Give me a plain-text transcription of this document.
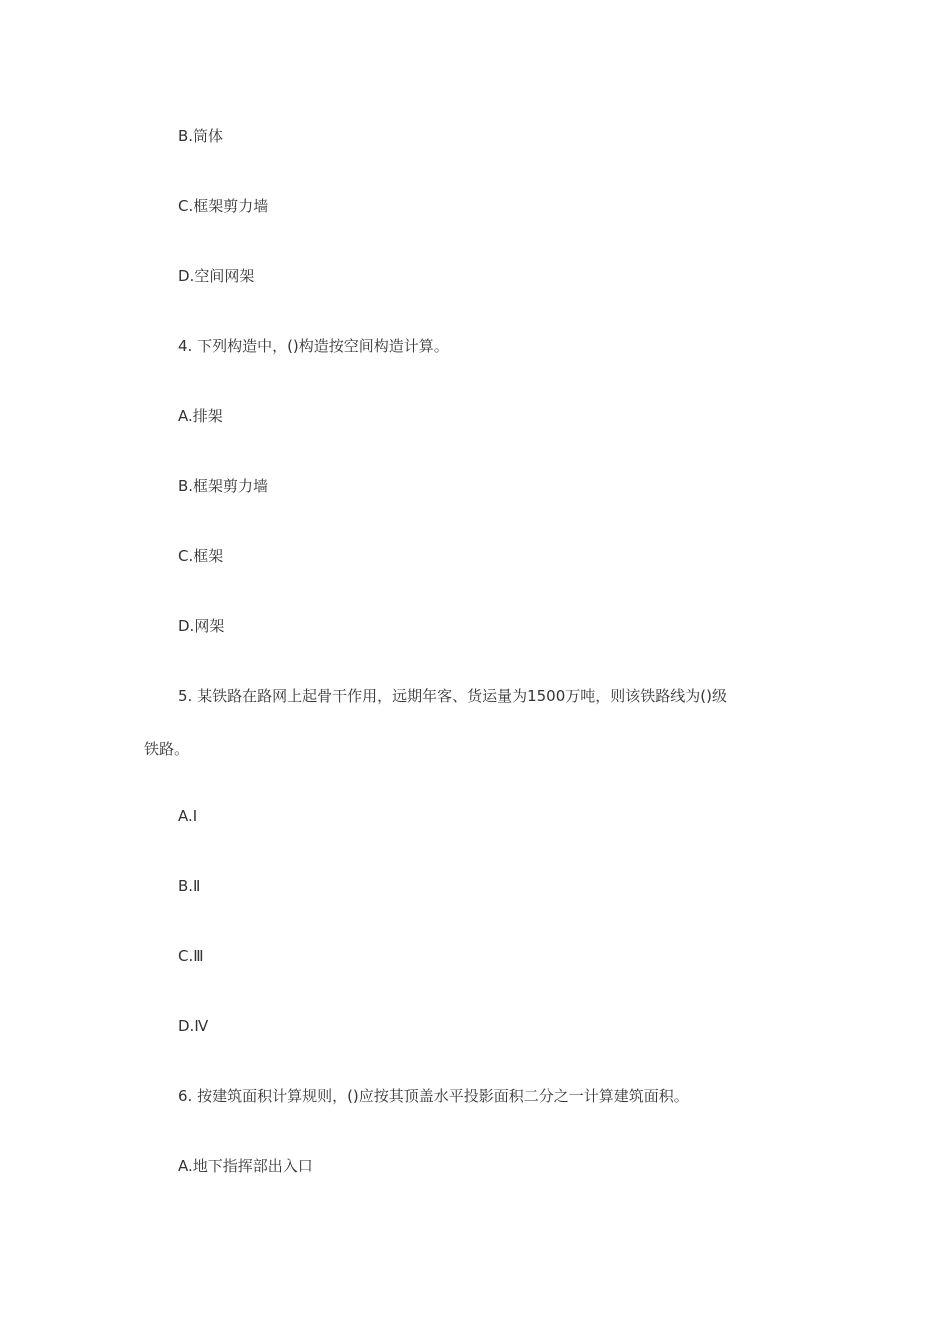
B.筒体
C.框架剪力墙
D.空间网架
4. 下列构造中，()构造按空间构造计算。
A.排架
B.框架剪力墙
C.框架
D.网架
5. 某铁路在路网上起骨干作用，远期年客、货运量为1500万吨，则该铁路线为()级
铁路。
A.Ⅰ
B.Ⅱ
C.Ⅲ
D.Ⅳ
6. 按建筑面积计算规则，()应按其顶盖水平投影面积二分之一计算建筑面积。
A.地下指挥部出入口
